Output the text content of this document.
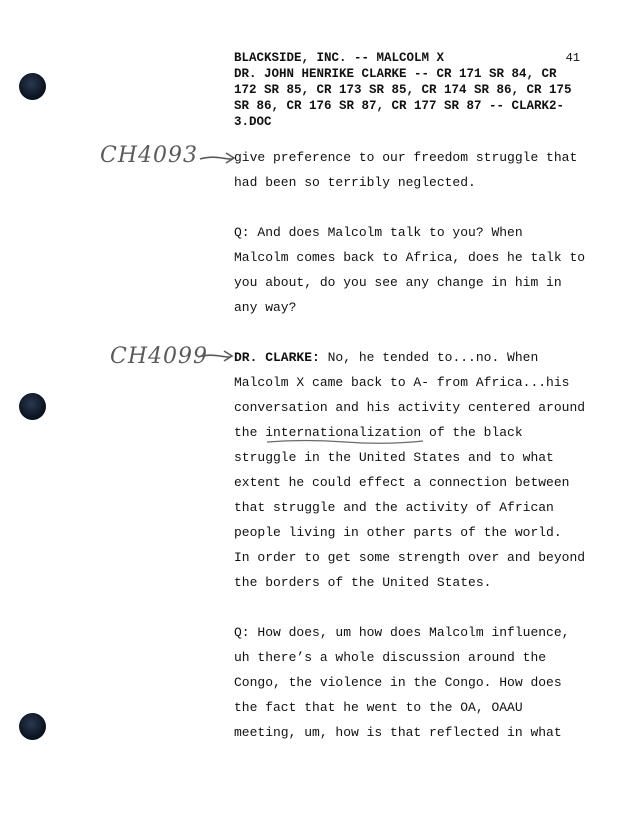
BLACKSIDE, INC. -- MALCOLM X	41
DR. JOHN HENRIKE CLARKE -- CR 171 SR 84, CR
172 SR 85, CR 173 SR 85, CR 174 SR 86, CR 175
SR 86, CR 176 SR 87, CR 177 SR 87 -- CLARK2-
3.DOC
CH4093	give preference to our freedom struggle that
had been so terribly neglected.
Q: And does Malcolm talk to you? When
Malcolm comes back to Africa, does he talk to
you about, do you see any change in him in
any way?
CH4099 DR. CLARKE: No, he tended to...no. When
Malcolm X came back to A- from Africa...his
conversation and his activity centered around
the internationalization of the black
struggle in the United States and to what
extent he could effect a connection between
that struggle and the activity of African
people living in other parts of the world.
In order to get some strength over and beyond
the borders of the United States.
Q: How does, um how does Malcolm influence,
uh there’s a whole discussion around the
Congo, the violence in the Congo. How does
the fact that he went to the OA, OAAU
meeting, um, how is that reflected in what
